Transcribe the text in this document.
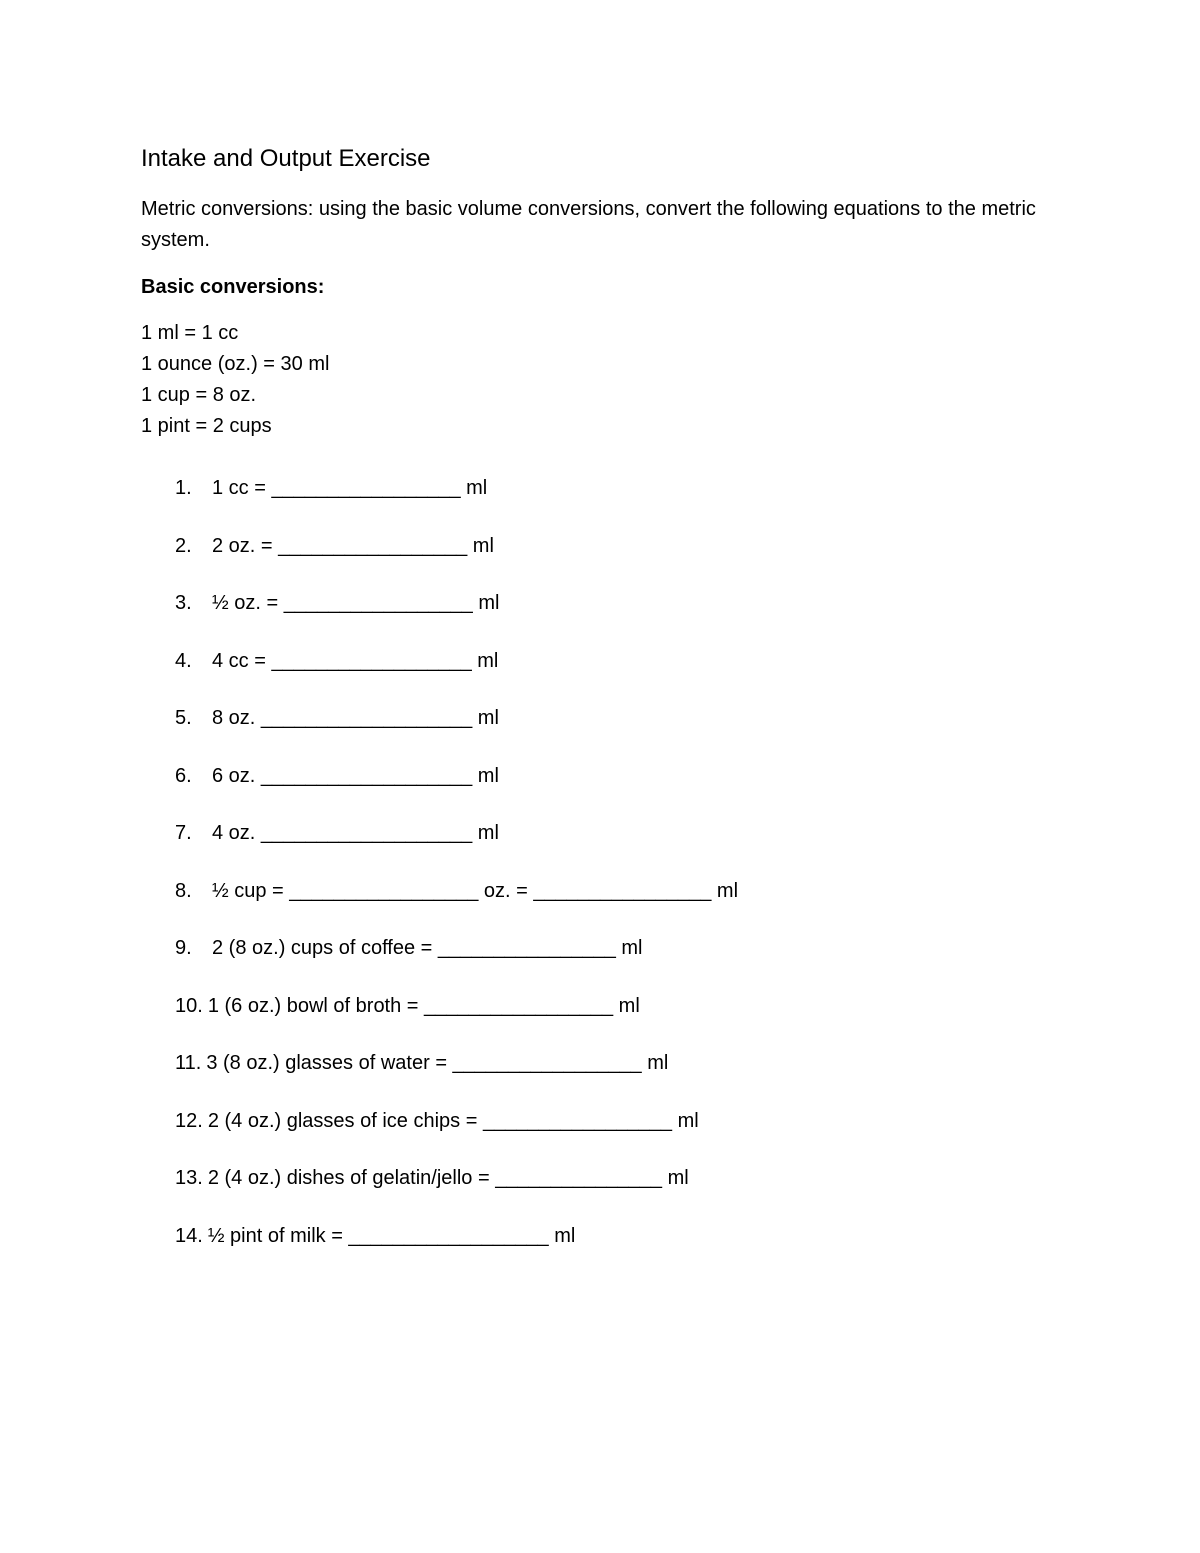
Intake and Output Exercise
Metric conversions: using the basic volume conversions, convert the following equations to the metric system.
Basic conversions:
1 ml = 1 cc
1 ounce (oz.) = 30 ml
1 cup = 8 oz.
1 pint = 2 cups
1. 1 cc = _________________ ml
2. 2 oz. = _________________ ml
3. ½ oz. = _________________ ml
4. 4 cc = __________________ ml
5. 8 oz. ___________________ ml
6. 6 oz. ___________________ ml
7. 4 oz. ___________________ ml
8. ½ cup = _________________ oz. = ________________ ml
9. 2 (8 oz.) cups of coffee = ________________ ml
10. 1 (6 oz.) bowl of broth = _________________ ml
11. 3 (8 oz.) glasses of water = _________________ ml
12. 2 (4 oz.) glasses of ice chips = _________________ ml
13. 2 (4 oz.) dishes of gelatin/jello = _______________ ml
14. ½ pint of milk = __________________ ml
